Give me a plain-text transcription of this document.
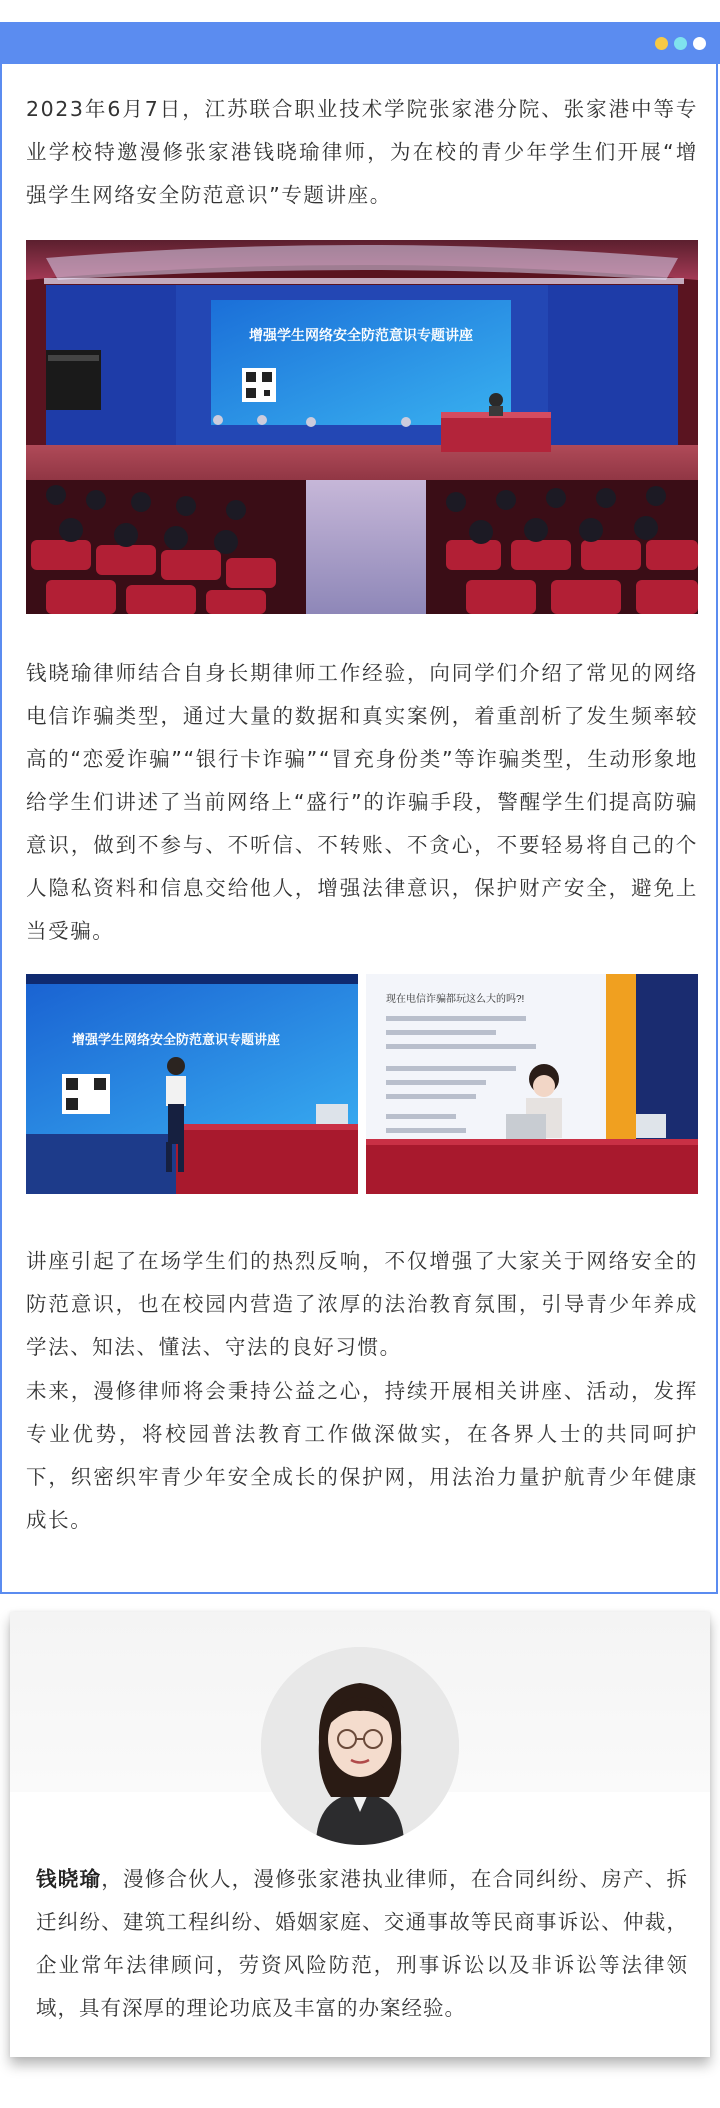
2023年6月7日，江苏联合职业技术学院张家港分院、张家港中等专业学校特邀漫修张家港钱晓瑜律师，为在校的青少年学生们开展“增强学生网络安全防范意识”专题讲座。

增强学生网络安全防范意识专题讲座

钱晓瑜律师结合自身长期律师工作经验，向同学们介绍了常见的网络电信诈骗类型，通过大量的数据和真实案例，着重剖析了发生频率较高的“恋爱诈骗”“银行卡诈骗”“冒充身份类”等诈骗类型，生动形象地给学生们讲述了当前网络上“盛行”的诈骗手段，警醒学生们提高防骗意识，做到不参与、不听信、不转账、不贪心，不要轻易将自己的个人隐私资料和信息交给他人，增强法律意识，保护财产安全，避免上当受骗。

增强学生网络安全防范意识专题讲座
现在电信诈骗都玩这么大的吗?!

讲座引起了在场学生们的热烈反响，不仅增强了大家关于网络安全的防范意识，也在校园内营造了浓厚的法治教育氛围，引导青少年养成学法、知法、懂法、守法的良好习惯。

未来，漫修律师将会秉持公益之心，持续开展相关讲座、活动，发挥专业优势，将校园普法教育工作做深做实，在各界人士的共同呵护下，织密织牢青少年安全成长的保护网，用法治力量护航青少年健康成长。

钱晓瑜，漫修合伙人，漫修张家港执业律师，在合同纠纷、房产、拆迁纠纷、建筑工程纠纷、婚姻家庭、交通事故等民商事诉讼、仲裁，企业常年法律顾问，劳资风险防范，刑事诉讼以及非诉讼等法律领域，具有深厚的理论功底及丰富的办案经验。
